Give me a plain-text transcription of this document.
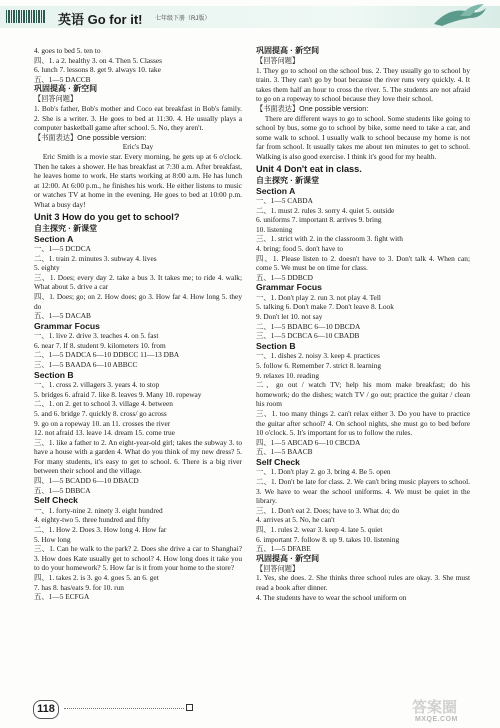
英语 Go for it! 七年级下册（RJ版）

4. goes to bed 5. ten to

四、1. a 2. healthy 3. on 4. Then 5. Classes

6. lunch 7. lessons 8. get 9. always 10. take

五、1—5 DACCB

巩固提高 · 新空间

【回答问题】

1. Bob's father, Bob's mother and Coco eat breakfast in Bob's family. 2. She is a writer. 3. He goes to bed at 11:30. 4. He usually plays a computer basketball game after school. 5. No, they aren't.

【书面表达】One possible version:

Eric's Day

Eric Smith is a movie star. Every morning, he gets up at 6 o'clock. Then he takes a shower. He has breakfast at 7:30 a.m. After breakfast, he leaves home to work. He starts working at 8:00 a.m. He has lunch at 12:00. At 6:00 p.m., he finishes his work. He either listens to music or watches TV at home in the evening. He goes to bed at 10:00 p.m. What a busy day!

Unit 3 How do you get to school?

自主探究 · 新课堂

Section A

一、1—5 DCDCA

二、1. train 2. minutes 3. subway 4. lives

5. eighty

三、1. Does; every day 2. take a bus 3. It takes me; to ride 4. walk; What about 5. drive a car

四、1. Does; go; on 2. How does; go 3. How far 4. How long 5. they do

五、1—5 DACAB

Grammar Focus

一、1. live 2. drive 3. teaches 4. on 5. fast

6. near 7. If 8. student 9. kilometers 10. from

二、1—5 DADCA 6—10 DDBCC 11—13 DBA

三、1—5 BAADA 6—10 ABBCC

Section B

一、1. cross 2. villagers 3. years 4. to stop

5. bridges 6. afraid 7. like 8. leaves 9. Many 10. ropeway

二、1. on 2. get to school 3. village 4. between

5. and 6. bridge 7. quickly 8. cross/ go across

9. go on a ropeway 10. an 11. crosses the river

12. not afraid 13. leave 14. dream 15. come true

三、1. like a father to 2. An eight-year-old girl; takes the subway 3. to have a house with a garden 4. What do you think of my new dress? 5. For many students, it's easy to get to school. 6. There is a big river between their school and the village.

四、1—5 BCADD 6—10 DBACD

五、1—5 DBBCA

Self Check

一、1. forty-nine 2. ninety 3. eight hundred

4. eighty-two 5. three hundred and fifty

二、1. How 2. Does 3. How long 4. How far

5. How long

三、1. Can he walk to the park? 2. Does she drive a car to Shanghai? 3. How does Kate usually get to school? 4. How long does it take you to do your homework? 5. How far is it from your home to the store?

四、1. takes 2. is 3. go 4. goes 5. an 6. get

7. has 8. has/eats 9. for 10. run

五、1—5 ECFGA

巩固提高 · 新空间

【回答问题】

1. They go to school on the school bus. 2. They usually go to school by train. 3. They can't go by boat because the river runs very quickly. 4. It takes them half an hour to cross the river. 5. The students are not afraid to go on a ropeway to school because they love their school.

【书面表达】One possible version:

There are different ways to go to school. Some students like going to school by bus, some go to school by bike, some need to take a car, and some walk to school. I usually walk to school because my home is not far from school. It usually takes me about ten minutes to get to school. Walking is also good exercise. I think it's good for my health.

Unit 4 Don't eat in class.

自主探究 · 新课堂

Section A

一、1—5 CABDA

二、1. must 2. rules 3. sorry 4. quiet 5. outside

6. uniforms 7. important 8. arrives 9. bring

10. listening

三、1. strict with 2. in the classroom 3. fight with

4. bring; food 5. don't have to

四、1. Please listen to 2. doesn't have to 3. Don't talk 4. When can; come 5. We must be on time for class.

五、1—5 DDBCD

Grammar Focus

一、1. Don't play 2. run 3. not play 4. Tell

5. talking 6. Don't make 7. Don't leave 8. Look

9. Don't let 10. not say

二、1—5 BDABC 6—10 DBCDA

三、1—5 DCBCA 6—10 CBADB

Section B

一、1. dishes 2. noisy 3. keep 4. practices

5. follow 6. Remember 7. strict 8. learning

9. relaxes 10. reading

二、go out / watch TV; help his mom make breakfast; do his homework; do the dishes; watch TV / go out; practice the guitar / clean his room

三、1. too many things 2. can't relax either 3. Do you have to practice the guitar after school? 4. On school nights, she must go to bed before 10 o'clock. 5. It's important for us to follow the rules.

四、1—5 ABCAD 6—10 CBCDA

五、1—5 BAACB

Self Check

一、1. Don't play 2. go 3. bring 4. Be 5. open

二、1. Don't be late for class. 2. We can't bring music players to school. 3. We have to wear the school uniforms. 4. We must be quiet in the library.

三、1. Don't eat 2. Does; have to 3. What do; do

4. arrives at 5. No, he can't

四、1. rules 2. wear 3. keep 4. late 5. quiet

6. important 7. follow 8. up 9. takes 10. listening

五、1—5 DFABE

巩固提高 · 新空间

【回答问题】

1. Yes, she does. 2. She thinks three school rules are okay. 3. She must read a book after dinner.

4. The students have to wear the school uniform on

118	答案圈
MXQE.COM
